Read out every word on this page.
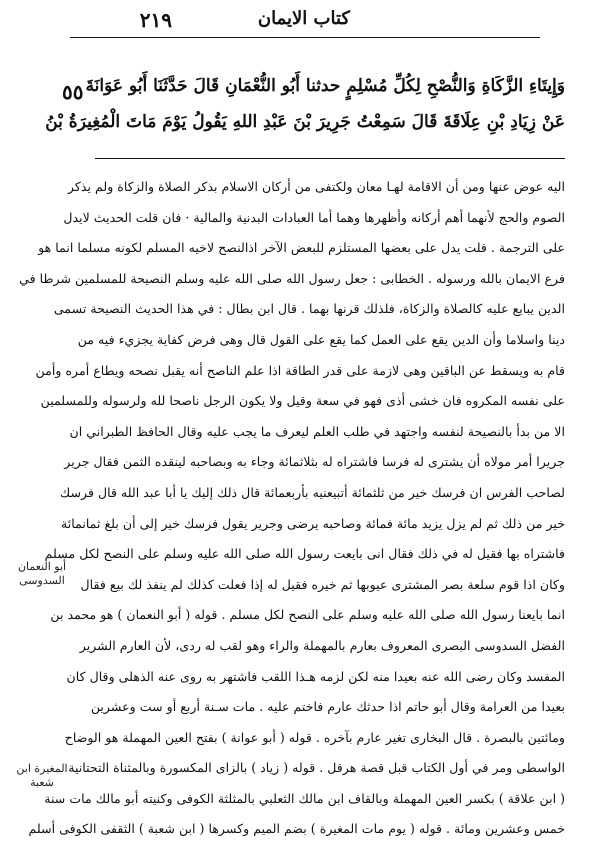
٢١٩	كتاب الايمان
٥٥ وَإِيتَاءِ الزَّكَاةِ وَالنُّصْحِ لِكُلِّ مُسْلِمٍ حدثنا أَبُو النُّعْمَانِ قَالَ حَدَّثَنَا أَبُو عَوَانَةَ
عَنْ زِيَادِ بْنِ عِلَاقَةَ قَالَ سَمِعْتُ جَرِيرَ بْنَ عَبْدِ اللهِ يَقُولُ يَوْمَ مَاتَ الْمُغِيرَةُ بْنُ
اليه عوض عنها ومن أن الاقامة لهـا معان ولكتفى من أركان الاسلام بذكر الصلاة والزكاة ولم يذكر
الصوم والحج لأنهما أهم أركانه وأظهرها وهما أما العبادات البدنية والمالية · فان قلت الحديث لايدل
على الترجمة . قلت يدل على بعضها المستلزم للبعض الآخر اذالنصح لاخيه المسلم لكونه مسلما انما هو
فرع الايمان بالله ورسوله . الخطابى : جعل رسول الله صلى الله عليه وسلم النصيحة للمسلمين شرطا في
الدين يبايع عليه كالصلاة والزكاة، فلذلك قرنها بهما . قال ابن بطال : في هذا الحديث النصيحة تسمى
دينا واسلاما وأن الدين يقع على العمل كما يقع على القول قال وهى فرض كفاية يجزيء فيه من
قام به ويسقط عن الباقين وهى لازمة على قدر الطاقة اذا علم الناصح أنه يقبل نصحه ويطاع أمره وأمن
على نفسه المكروه فان خشى أذى فهو في سعة وقيل ولا يكون الرجل ناصحا لله ولرسوله وللمسلمين
الا من بدأ بالنصيحة لنفسه واجتهد في طلب العلم ليعرف ما يجب عليه وقال الحافظ الطبراني ان
جريرا أمر مولاه أن يشترى له فرسا فاشتراه له بثلاثمائة وجاء به وبصاحبه لينقده الثمن فقال جرير
لصاحب الفرس ان فرسك خير من ثلثمائة أتبيعنيه بأربعمائة قال ذلك إليك يا أبا عبد الله قال فرسك
خير من ذلك ثم لم يزل يزيد مائة فمائة وصاحبه يرضى وجرير يقول فرسك خير إلى أن بلغ ثمانمائة
فاشتراه بها فقيل له في ذلك فقال انى بايعت رسول الله صلى الله عليه وسلم على النصح لكل مسلم
وكان اذا قوم سلعة بصر المشترى عيوبها ثم خيره فقيل له إذا فعلت كذلك لم ينفذ لك بيع فقال
انما بايعنا رسول الله صلى الله عليه وسلم على النصح لكل مسلم . قوله ( أبو النعمان ) هو محمد بن
الفضل السدوسى البصرى المعروف بعارم بالمهملة والراء وهو لقب له ردى، لأن العارم الشرير
المفسد وكان رضى الله عنه بعيدا منه لكن لزمه هـذا اللقب فاشتهر به روى عنه الذهلى وقال كان
بعيدا من العرامة وقال أبو حاتم اذا حدثك عارم فاختم عليه . مات سـنة أربع أو ست وعشرين
ومائتين بالبصرة . قال البخارى تغير عارم بآخره . قوله ( أبو عوانة ) بفتح العين المهملة هو الوضاح
الواسطى ومر في أول الكتاب قبل قصة هرقل . قوله ( زياد ) بالزاى المكسورة وبالمثناة التحتانية
( ابن علاقة ) بكسر العين المهملة وبالقاف ابن مالك الثعلبي بالمثلثة الكوفى وكنيته أبو مالك مات سنة
خمس وعشرين ومائة . قوله ( يوم مات المغيرة ) بضم الميم وكسرها ( ابن شعبة ) الثقفى الكوفى أسلم
أبو النعمان السدوسى
المغيرة ابن شعبة
